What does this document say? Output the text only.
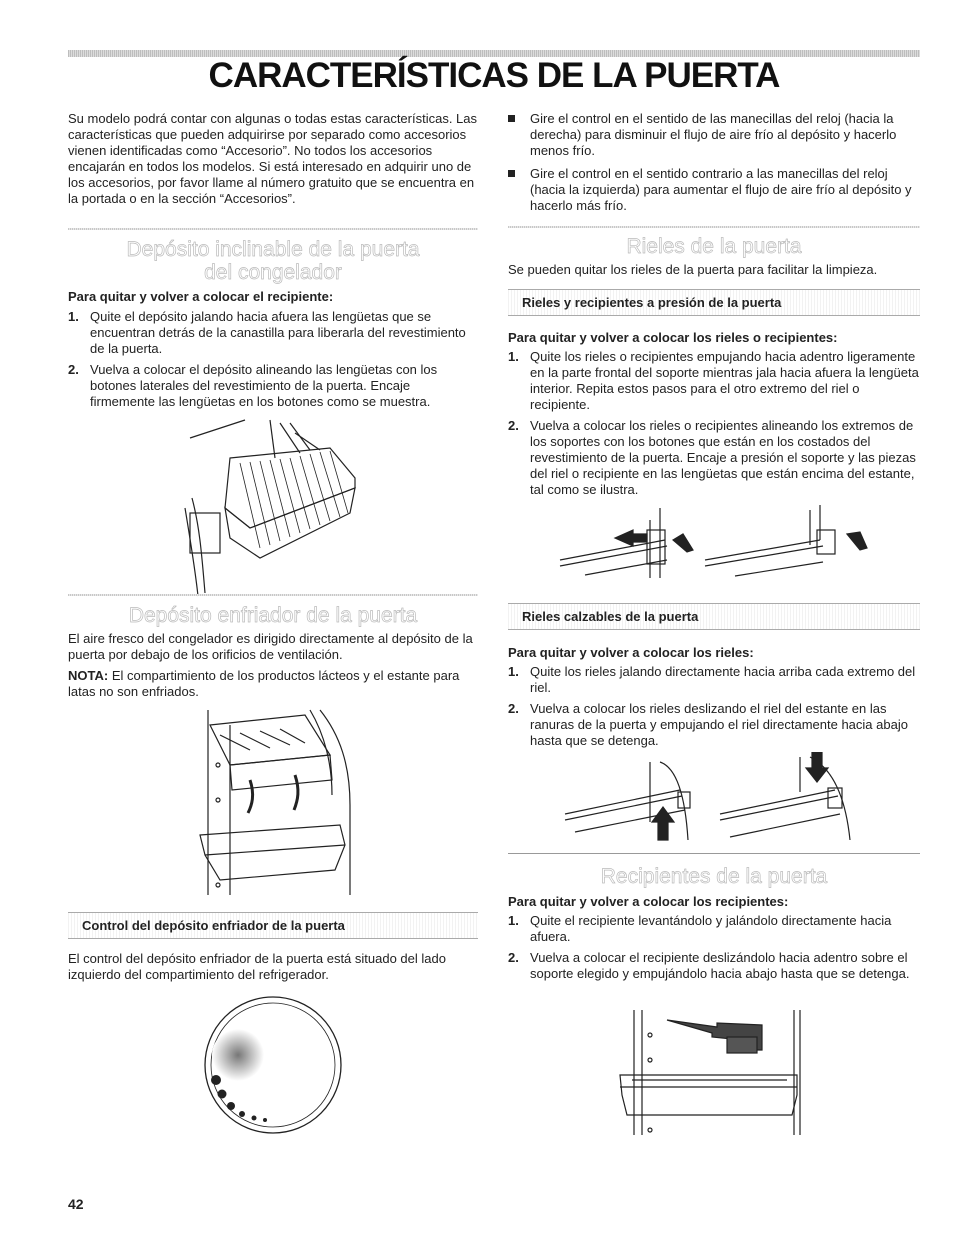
CARACTERÍSTICAS DE LA PUERTA

Su modelo podrá contar con algunas o todas estas características. Las características que pueden adquirirse por separado como accesorios vienen identificadas como “Accesorio”. No todos los accesorios encajarán en todos los modelos. Si está interesado en adquirir uno de los accesorios, por favor llame al número gratuito que se encuentra en la portada o en la sección “Accesorios”.

Depósito inclinable de la puerta
del congelador
Para quitar y volver a colocar el recipiente:
1. Quite el depósito jalando hacia afuera las lengüetas que se encuentran detrás de la canastilla para liberarla del revestimiento de la puerta.
2. Vuelva a colocar el depósito alineando las lengüetas con los botones laterales del revestimiento de la puerta. Encaje firmemente las lengüetas en los botones como se muestra.
Depósito enfriador de la puerta

El aire fresco del congelador es dirigido directamente al depósito de la puerta por debajo de los orificios de ventilación.

NOTA: El compartimiento de los productos lácteos y el estante para latas no son enfriados.

Control del depósito enfriador de la puerta

El control del depósito enfriador de la puerta está situado del lado izquierdo del compartimiento del refrigerador.

Gire el control en el sentido de las manecillas del reloj (hacia la derecha) para disminuir el flujo de aire frío al depósito y hacerlo menos frío.
Gire el control en el sentido contrario a las manecillas del reloj (hacia la izquierda) para aumentar el flujo de aire frío al depósito y hacerlo más frío.
Rieles de la puerta

Se pueden quitar los rieles de la puerta para facilitar la limpieza.

Rieles y recipientes a presión de la puerta
Para quitar y volver a colocar los rieles o recipientes:
1. Quite los rieles o recipientes empujando hacia adentro ligeramente en la parte frontal del soporte mientras jala hacia afuera la lengüeta interior. Repita estos pasos para el otro extremo del riel o recipiente.
2. Vuelva a colocar los rieles o recipientes alineando los extremos de los soportes con los botones que están en los costados del revestimiento de la puerta. Encaje a presión el soporte y las piezas del riel o recipiente en las lengüetas que están encima del estante, tal como se ilustra.
Rieles calzables de la puerta
Para quitar y volver a colocar los rieles:
1. Quite los rieles jalando directamente hacia arriba cada extremo del riel.
2. Vuelva a colocar los rieles deslizando el riel del estante en las ranuras de la puerta y empujando el riel directamente hacia abajo hasta que se detenga.
Recipientes de la puerta
Para quitar y volver a colocar los recipientes:
1. Quite el recipiente levantándolo y jalándolo directamente hacia afuera.
2. Vuelva a colocar el recipiente deslizándolo hacia adentro sobre el soporte elegido y empujándolo hacia abajo hasta que se detenga.
42
